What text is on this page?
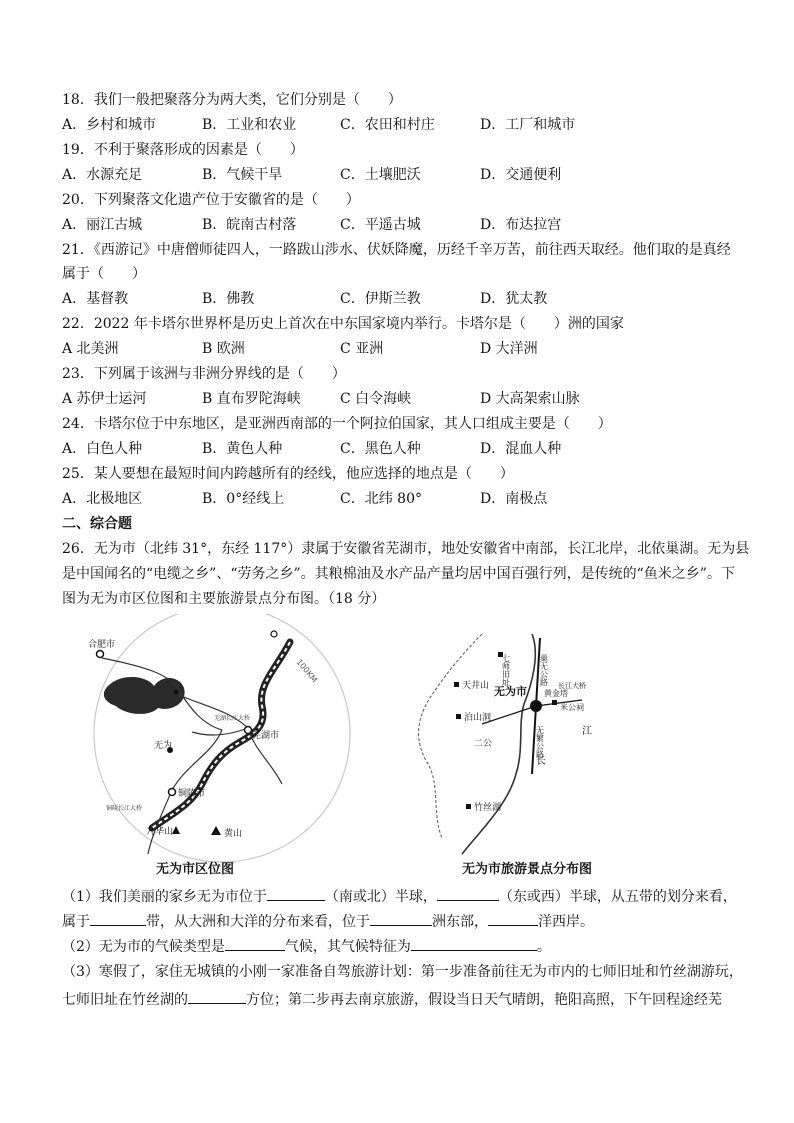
18．我们一般把聚落分为两大类，它们分别是（　　）
A．乡村和城市	B．工业和农业	C．农田和村庄	D．工厂和城市
19．不利于聚落形成的因素是（　　）
A．水源充足	B．气候干旱	C．土壤肥沃	D．交通便利
20．下列聚落文化遗产位于安徽省的是（　　）
A．丽江古城	B．皖南古村落	C．平遥古城	D．布达拉宫
21．《西游记》中唐僧师徒四人，一路跋山涉水、伏妖降魔，历经千辛万苦，前往西天取经。他们取的是真经
属于（　　）
A．基督教	B．佛教	C．伊斯兰教	D．犹太教
22．2022 年卡塔尔世界杯是历史上首次在中东国家境内举行。卡塔尔是（　　）洲的国家
A 北美洲	B 欧洲	C 亚洲	D 大洋洲
23．下列属于该洲与非洲分界线的是（　　）
A 苏伊士运河	B 直布罗陀海峡	C 白令海峡	D 大高架索山脉
24．卡塔尔位于中东地区，是亚洲西南部的一个阿拉伯国家，其人口组成主要是（　　）
A．白色人种	B．黄色人种	C．黑色人种	D．混血人种
25．某人要想在最短时间内跨越所有的经线，他应选择的地点是（　　）
A．北极地区	B．0°经线上	C．北纬 80°	D．南极点
二、综合题
26．无为市（北纬 31°，东经 117°）隶属于安徽省芜湖市，地处安徽省中南部，长江北岸，北依巢湖。无为县
是中国闻名的“电缆之乡”、“劳务之乡”。其粮棉油及水产品产量均居中国百强行列，是传统的“鱼米之乡”。下
图为无为市区位图和主要旅游景点分布图。（18 分）
合肥市
无为
芜湖市
铜陵市
九华山	黄山
100KM
芜湖长江大桥
铜陵长江大桥
无为市
巢无公路
无繁公路
七师旧址
天井山
泊山洞
竹丝湖
黄金塔
米公祠
二公
江
长
长江大桥
无为市区位图	无为市旅游景点分布图
（1）我们美丽的家乡无为市位于	（南或北）半球，	（东或西）半球，从五带的划分来看，
属于	带，从大洲和大洋的分布来看，位于	洲东部，	洋西岸。
（2）无为市的气候类型是	气候，其气候特征为	。
（3）寒假了，家住无城镇的小刚一家准备自驾旅游计划：第一步准备前往无为市内的七师旧址和竹丝湖游玩，
七师旧址在竹丝湖的	方位；第二步再去南京旅游，假设当日天气晴朗，艳阳高照，下午回程途经芜
